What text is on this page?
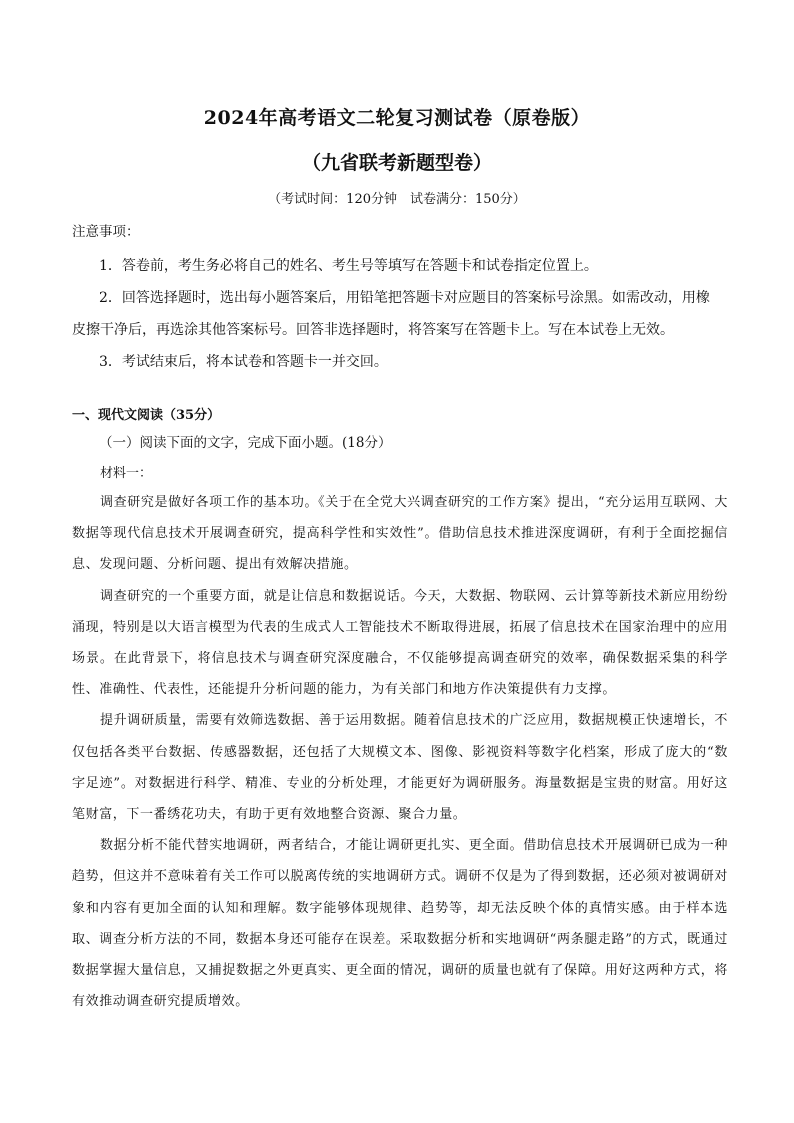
2024年高考语文二轮复习测试卷（原卷版）
（九省联考新题型卷）
（考试时间：120分钟　试卷满分：150分）
注意事项：

1．答卷前，考生务必将自己的姓名、考生号等填写在答题卡和试卷指定位置上。

2．回答选择题时，选出每小题答案后，用铅笔把答题卡对应题目的答案标号涂黑。如需改动，用橡皮擦干净后，再选涂其他答案标号。回答非选择题时，将答案写在答题卡上。写在本试卷上无效。

3．考试结束后，将本试卷和答题卡一并交回。

一、现代文阅读（35分）
（一）阅读下面的文字，完成下面小题。(18分）
材料一：

调查研究是做好各项工作的基本功。《关于在全党大兴调查研究的工作方案》提出，“充分运用互联网、大数据等现代信息技术开展调查研究，提高科学性和实效性”。借助信息技术推进深度调研，有利于全面挖掘信息、发现问题、分析问题、提出有效解决措施。

调查研究的一个重要方面，就是让信息和数据说话。今天，大数据、物联网、云计算等新技术新应用纷纷涌现，特别是以大语言模型为代表的生成式人工智能技术不断取得进展，拓展了信息技术在国家治理中的应用场景。在此背景下，将信息技术与调查研究深度融合，不仅能够提高调查研究的效率，确保数据采集的科学性、准确性、代表性，还能提升分析问题的能力，为有关部门和地方作决策提供有力支撑。

提升调研质量，需要有效筛选数据、善于运用数据。随着信息技术的广泛应用，数据规模正快速增长，不仅包括各类平台数据、传感器数据，还包括了大规模文本、图像、影视资料等数字化档案，形成了庞大的“数字足迹”。对数据进行科学、精准、专业的分析处理，才能更好为调研服务。海量数据是宝贵的财富。用好这笔财富，下一番绣花功夫，有助于更有效地整合资源、聚合力量。

数据分析不能代替实地调研，两者结合，才能让调研更扎实、更全面。借助信息技术开展调研已成为一种趋势，但这并不意味着有关工作可以脱离传统的实地调研方式。调研不仅是为了得到数据，还必须对被调研对象和内容有更加全面的认知和理解。数字能够体现规律、趋势等，却无法反映个体的真情实感。由于样本选取、调查分析方法的不同，数据本身还可能存在误差。采取数据分析和实地调研“两条腿走路”的方式，既通过数据掌握大量信息，又捕捉数据之外更真实、更全面的情况，调研的质量也就有了保障。用好这两种方式，将有效推动调查研究提质增效。
